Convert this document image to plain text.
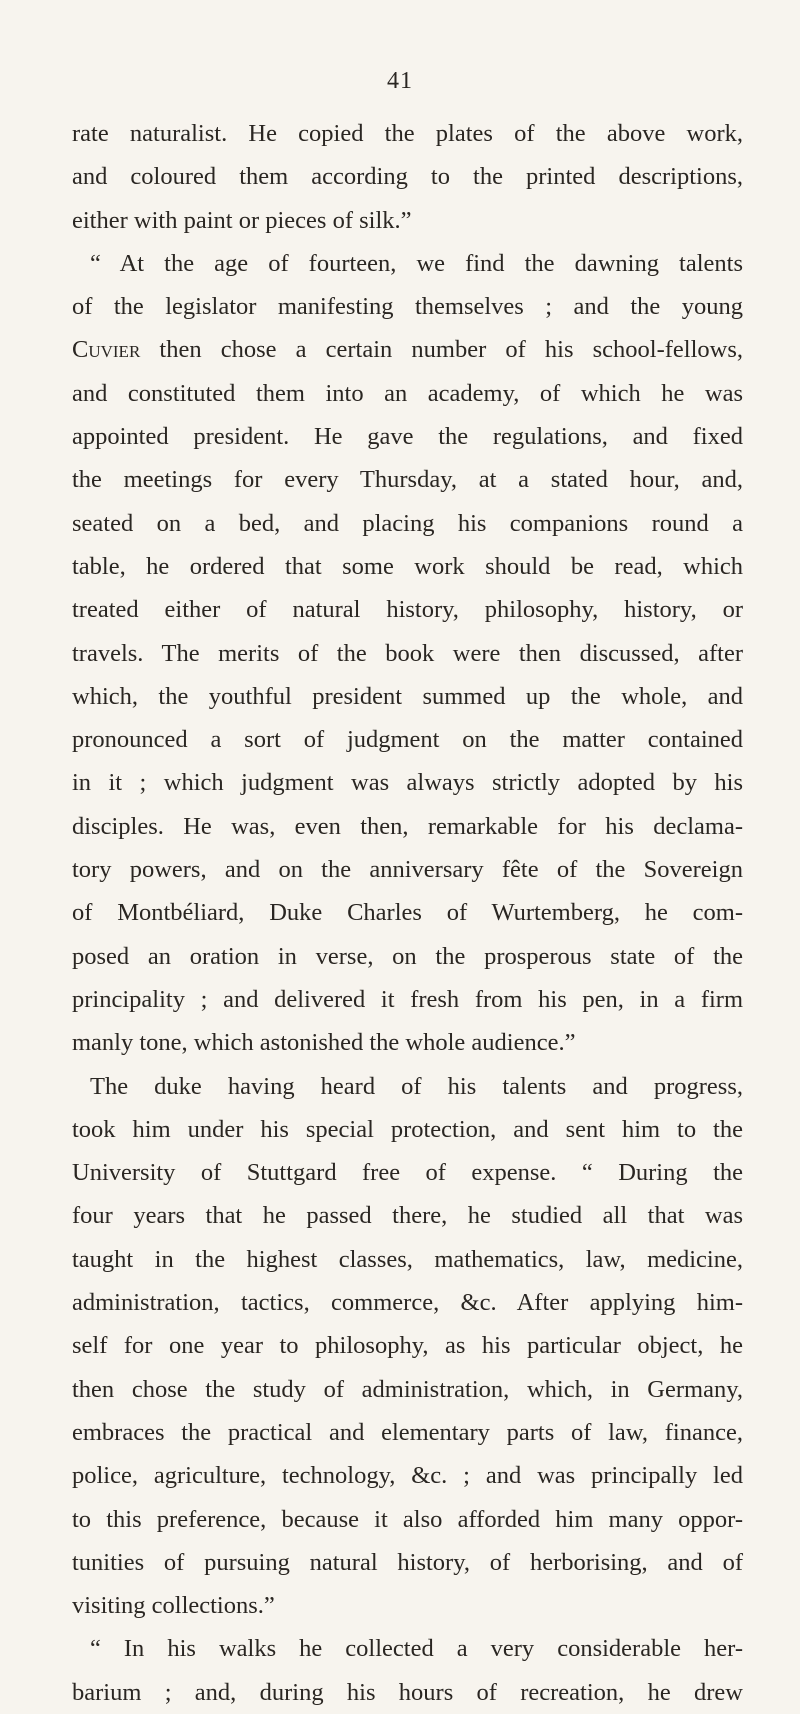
41
rate naturalist. He copied the plates of the above work,
and coloured them according to the printed descriptions,
either with paint or pieces of silk.”
“ At the age of fourteen, we find the dawning talents
of the legislator manifesting themselves ; and the young
Cuvier then chose a certain number of his school-fellows,
and constituted them into an academy, of which he was
appointed president. He gave the regulations, and fixed
the meetings for every Thursday, at a stated hour, and,
seated on a bed, and placing his companions round a
table, he ordered that some work should be read, which
treated either of natural history, philosophy, history, or
travels. The merits of the book were then discussed, after
which, the youthful president summed up the whole, and
pronounced a sort of judgment on the matter contained
in it ; which judgment was always strictly adopted by his
disciples. He was, even then, remarkable for his declama-
tory powers, and on the anniversary fête of the Sovereign
of Montbéliard, Duke Charles of Wurtemberg, he com-
posed an oration in verse, on the prosperous state of the
principality ; and delivered it fresh from his pen, in a firm
manly tone, which astonished the whole audience.”
The duke having heard of his talents and progress,
took him under his special protection, and sent him to the
University of Stuttgard free of expense. “ During the
four years that he passed there, he studied all that was
taught in the highest classes, mathematics, law, medicine,
administration, tactics, commerce, &c. After applying him-
self for one year to philosophy, as his particular object, he
then chose the study of administration, which, in Germany,
embraces the practical and elementary parts of law, finance,
police, agriculture, technology, &c. ; and was principally led
to this preference, because it also afforded him many oppor-
tunities of pursuing natural history, of herborising, and of
visiting collections.”
“ In his walks he collected a very considerable her-
barium ; and, during his hours of recreation, he drew
